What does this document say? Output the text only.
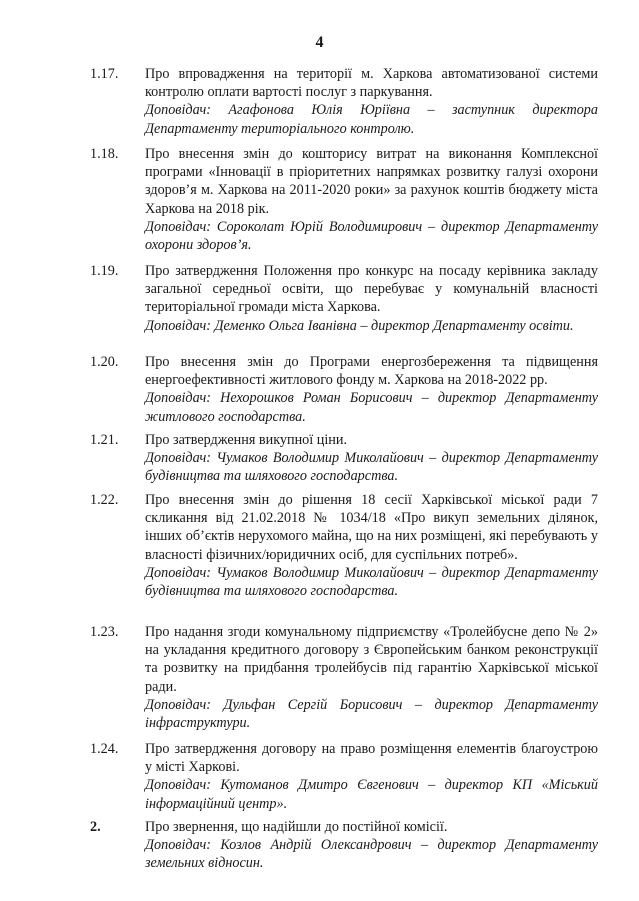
4
1.17.	Про впровадження на території м. Харкова автоматизованої системи контролю оплати вартості послуг з паркування.
Доповідач: Агафонова Юлія Юріївна – заступник директора Департаменту територіального контролю.
1.18.	Про внесення змін до кошторису витрат на виконання Комплексної програми «Інновації в пріоритетних напрямках розвитку галузі охорони здоров’я м. Харкова на 2011-2020 роки» за рахунок коштів бюджету міста Харкова на 2018 рік.
Доповідач: Сороколат Юрій Володимирович – директор Департаменту охорони здоров’я.
1.19.	Про затвердження Положення про конкурс на посаду керівника закладу загальної середньої освіти, що перебуває у комунальній власності територіальної громади міста Харкова.
Доповідач: Деменко Ольга Іванівна – директор Департаменту освіти.
1.20.	Про внесення змін до Програми енергозбереження та підвищення енергоефективності житлового фонду м. Харкова на 2018-2022 рр.
Доповідач: Нехорошков Роман Борисович – директор Департаменту житлового господарства.
1.21.	Про затвердження викупної ціни.
Доповідач: Чумаков Володимир Миколайович – директор Департаменту будівництва та шляхового господарства.
1.22.	Про внесення змін до рішення 18 сесії Харківської міської ради 7 скликання від 21.02.2018 № 1034/18 «Про викуп земельних ділянок, інших об’єктів нерухомого майна, що на них розміщені, які перебувають у власності фізичних/юридичних осіб, для суспільних потреб».
Доповідач: Чумаков Володимир Миколайович – директор Департаменту будівництва та шляхового господарства.
1.23.	Про надання згоди комунальному підприємству «Тролейбусне депо № 2» на укладання кредитного договору з Європейським банком реконструкції та розвитку на придбання тролейбусів під гарантію Харківської міської ради.
Доповідач: Дульфан Сергій Борисович – директор Департаменту інфраструктури.
1.24.	Про затвердження договору на право розміщення елементів благоустрою у місті Харкові.
Доповідач: Кутоманов Дмитро Євгенович – директор КП «Міський інформаційний центр».
2.	Про звернення, що надійшли до постійної комісії.
Доповідач: Козлов Андрій Олександрович – директор Департаменту земельних відносин.
